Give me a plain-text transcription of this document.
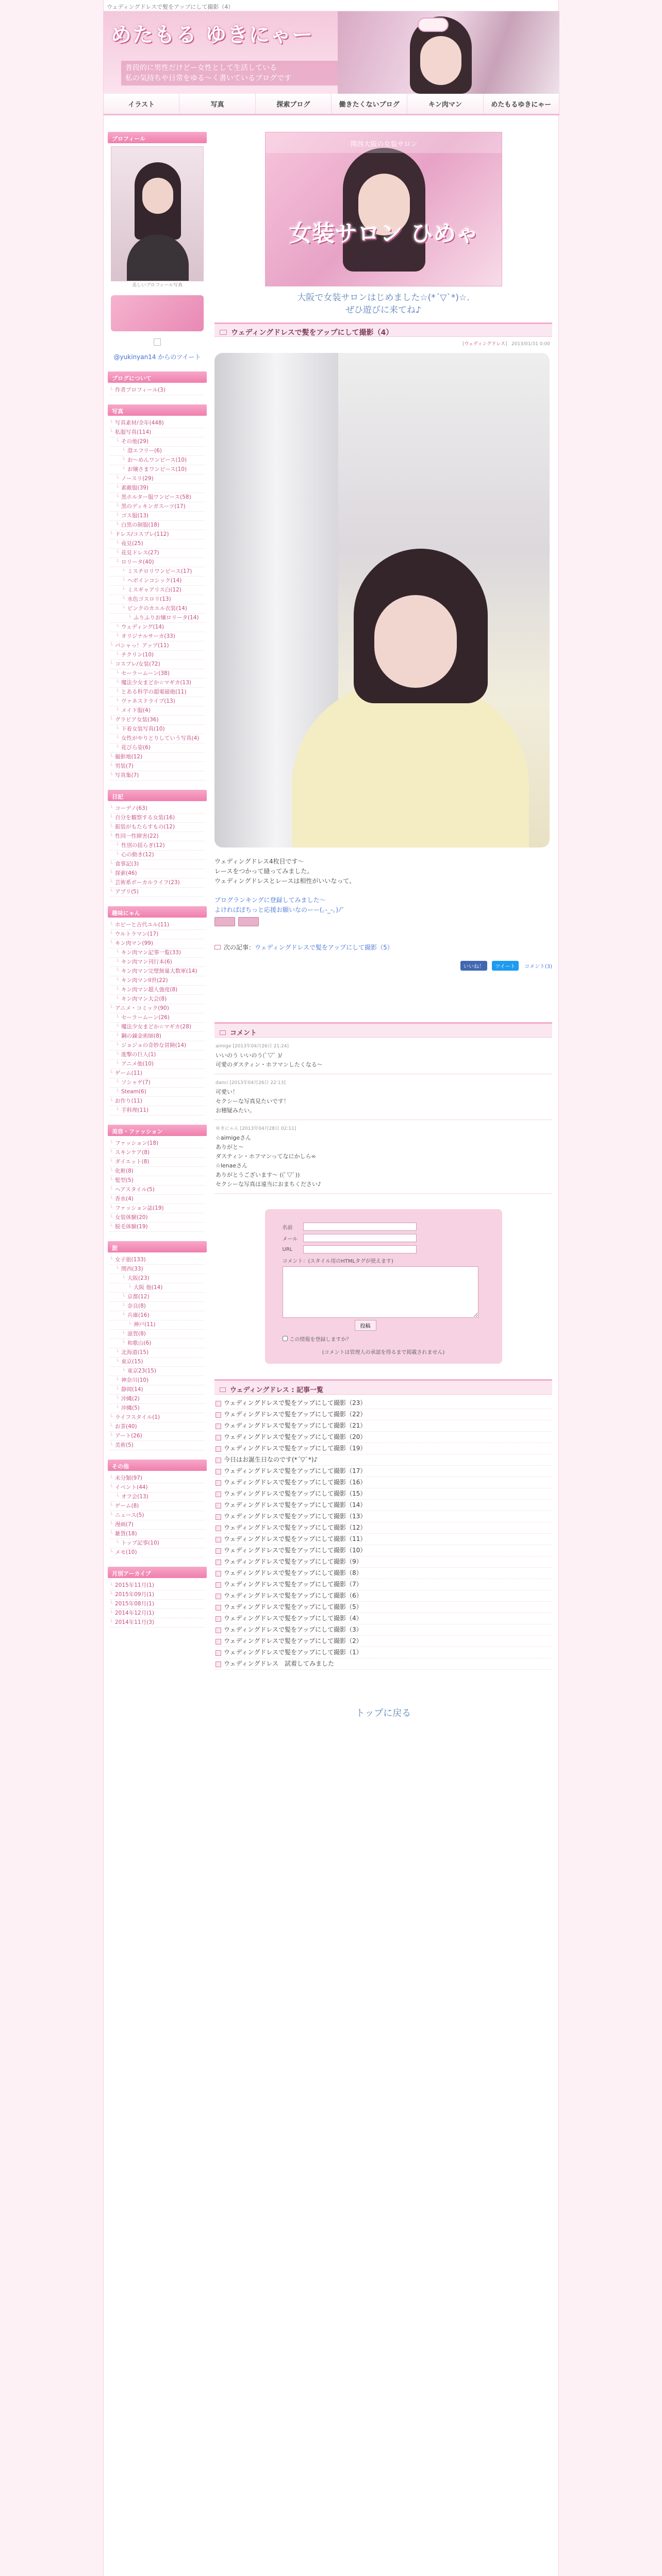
ウェディングドレスで髪をアップにして撮影（4）
めたもる ゆきにゃー
普段的に男性だけどー女性として生活している
私の気持ちや日常をゆる～く書いているブログです
イラスト	写真	探索ブログ	働きたくないブログ	キン肉マン	めたもるゆきにゃー
プロフィール
美しいプロフィール写真
@yukinyan14 からのツイート
ブログについて
└ 作者プロフィール(3)
写真
└ 写真素材/全年(448)
└ 私服写真(114)
└ その他(29)
└ 澄エフリー(6)
└ お～めんワンピース(10)
└ お嬢さまワンピース(10)
└ ノースリ(29)
└ 素敵服(39)
└ 黒ホルター服ワンピース(58)
└ 黒のディキンガスーツ(17)
└ ゴス服(13)
└ 白黒の制服(18)
└ ドレス/コスプレ(112)
└ 夜見(25)
└ 花見ドレス(27)
└ ロリータ(40)
└ ミスチロリワンピース(17)
└ ヘボインコシック(14)
└ ミスギャアリス白(12)
└ 水色ゴスロリ(13)
└ ピンクのカエル衣装(14)
└ ふりふりお嬢ロリータ(14)
└ ウェディング(14)
└ オリジナルサーカ(33)
└ パシャっ！アップ(11)
└ チクリン(10)
└ コスプレ/女装(72)
└ セーラームーン(38)
└ 魔法少女まどか☆マギカ(13)
└ とある科学の超電磁砲(11)
└ ヴァネスドライブ(13)
└ メイド服(4)
└ グラビア女装(36)
└ 下着女装写真(10)
└ 女性がやりとりしていう写真(4)
└ 花びら姿(6)
└ 撮影地(12)
└ 男装(7)
└ 写真集(7)
日記
└ コーデノ(63)
└ 自分を観察する女装(16)
└ 振装がもたらすもの(12)
└ 性同一性障害(22)
└ 性別の揺らぎ(12)
└ 心の動き(12)
└ 食事記(3)
└ 探索(46)
└ 芸術系ボーカルライフ(23)
└ アプリ(5)
趣味にゃん
└ ホビーと古代ユル(11)
└ ウルトラマン(17)
└ キン肉マン(99)
└ キン肉マン記事一覧(33)
└ キン肉マン刊行本(6)
└ キン肉マン完璧無量大数軍(14)
└ キン肉マンII世(22)
└ キン肉マン超人強度(8)
└ キン肉マン大会(8)
└ アニメ・コミック(90)
└ セーラームーン(26)
└ 魔法少女まどか☆マギカ(28)
└ 鋼の錬金術師(8)
└ ジョジョの奇妙な冒険(14)
└ 進撃の巨人(1)
└ アニメ他(10)
└ ゲーム(11)
└ ソシャゲ(7)
└ Steam(6)
└ お作り(11)
└ 手料理(11)
美容・ファッション
└ ファッション(18)
└ スキンケア(8)
└ ダイエット(8)
└ 化粧(8)
└ 髪型(5)
└ ヘアスタイル(5)
└ 香水(4)
└ ファッション誌(19)
└ 女装体験(20)
└ 脱毛体験(19)
旅
└ 女子旅(133)
└ 関西(33)
└ 大阪(23)
└ 大阪 他(14)
└ 京都(12)
└ 奈良(8)
└ 兵庫(16)
└ 神戸(11)
└ 滋賀(8)
└ 和歌山(6)
└ 北海道(15)
└ 東京(15)
└ 東京23(15)
└ 神奈川(10)
└ 静岡(14)
└ 沖縄(2)
└ 沖縄(5)
└ ライフスタイル(1)
└ お茶(40)
└ アート(26)
└ 美術(5)
その他
└ 未分類(97)
└ イベント(44)
└ オフ会(13)
└ ゲーム(8)
└ ニュース(5)
└ 漫画(7)
└ 雑貨(18)
└ トップ記事(10)
└ メモ(10)
月別アーカイブ
└ 2015年11月(1)
└ 2015年09月(1)
└ 2015年08月(1)
└ 2014年12月(1)
└ 2014年11月(3)
関西大阪の女装サロン
女装サロン ひめゃ
大阪で女装サロンはじめました☆(*´▽`*)☆.
ぜひ遊びに来てね♪
ウェディングドレスで髪をアップにして撮影（4）
[ウェディングドレス]   2013/01/31 0:00
ウェディングドレス4枚目です～
レースをつかって縫ってみました。
ウェディングドレスとレースは相性がいいなって。
ブログランキングに登録してみました～
よければぽちっと応援お願いなのーー(｡-_-｡)ﾉ″
次の記事：ウェディングドレスで髪をアップにして撮影（5）
いいね！ ツイート コメント(3)
コメント
aimige [2013年04月26日 21:24]
いいのう いいのう(ﾟ▽ﾟ )/
可愛のダスティン・ホフマンしたくなる～
danci [2013年04月26日 22:13]
可愛い！
セクシーな写真見たいです！
お稽疑みたい。
ゆきにゃん [2013年04月28日 02:11]
☆aimigeさん
ありがと～
ダスティン・ホフマンってなにかしら∞
☆lenaeさん
ありがとうございます～ ((ﾟ▽ﾟ))
セクシーな写真は遠当におまちください♪
名前
メール
URL
コメント：(スタイル用のHTMLタグが使えます)
投稿
この情報を登録しますか？
(コメントは管理人の承認を得るまで掲載されません)
ウェディングドレス : 記事一覧
ウェディングドレスで髪をアップにして撮影（23）
ウェディングドレスで髪をアップにして撮影（22）
ウェディングドレスで髪をアップにして撮影（21）
ウェディングドレスで髪をアップにして撮影（20）
ウェディングドレスで髪をアップにして撮影（19）
今日はお誕生日なのです(*´▽`*)♪
ウェディングドレスで髪をアップにして撮影（17）
ウェディングドレスで髪をアップにして撮影（16）
ウェディングドレスで髪をアップにして撮影（15）
ウェディングドレスで髪をアップにして撮影（14）
ウェディングドレスで髪をアップにして撮影（13）
ウェディングドレスで髪をアップにして撮影（12）
ウェディングドレスで髪をアップにして撮影（11）
ウェディングドレスで髪をアップにして撮影（10）
ウェディングドレスで髪をアップにして撮影（9）
ウェディングドレスで髪をアップにして撮影（8）
ウェディングドレスで髪をアップにして撮影（7）
ウェディングドレスで髪をアップにして撮影（6）
ウェディングドレスで髪をアップにして撮影（5）
ウェディングドレスで髪をアップにして撮影（4）
ウェディングドレスで髪をアップにして撮影（3）
ウェディングドレスで髪をアップにして撮影（2）
ウェディングドレスで髪をアップにして撮影（1）
ウェディングドレス　試着してみました
トップに戻る
